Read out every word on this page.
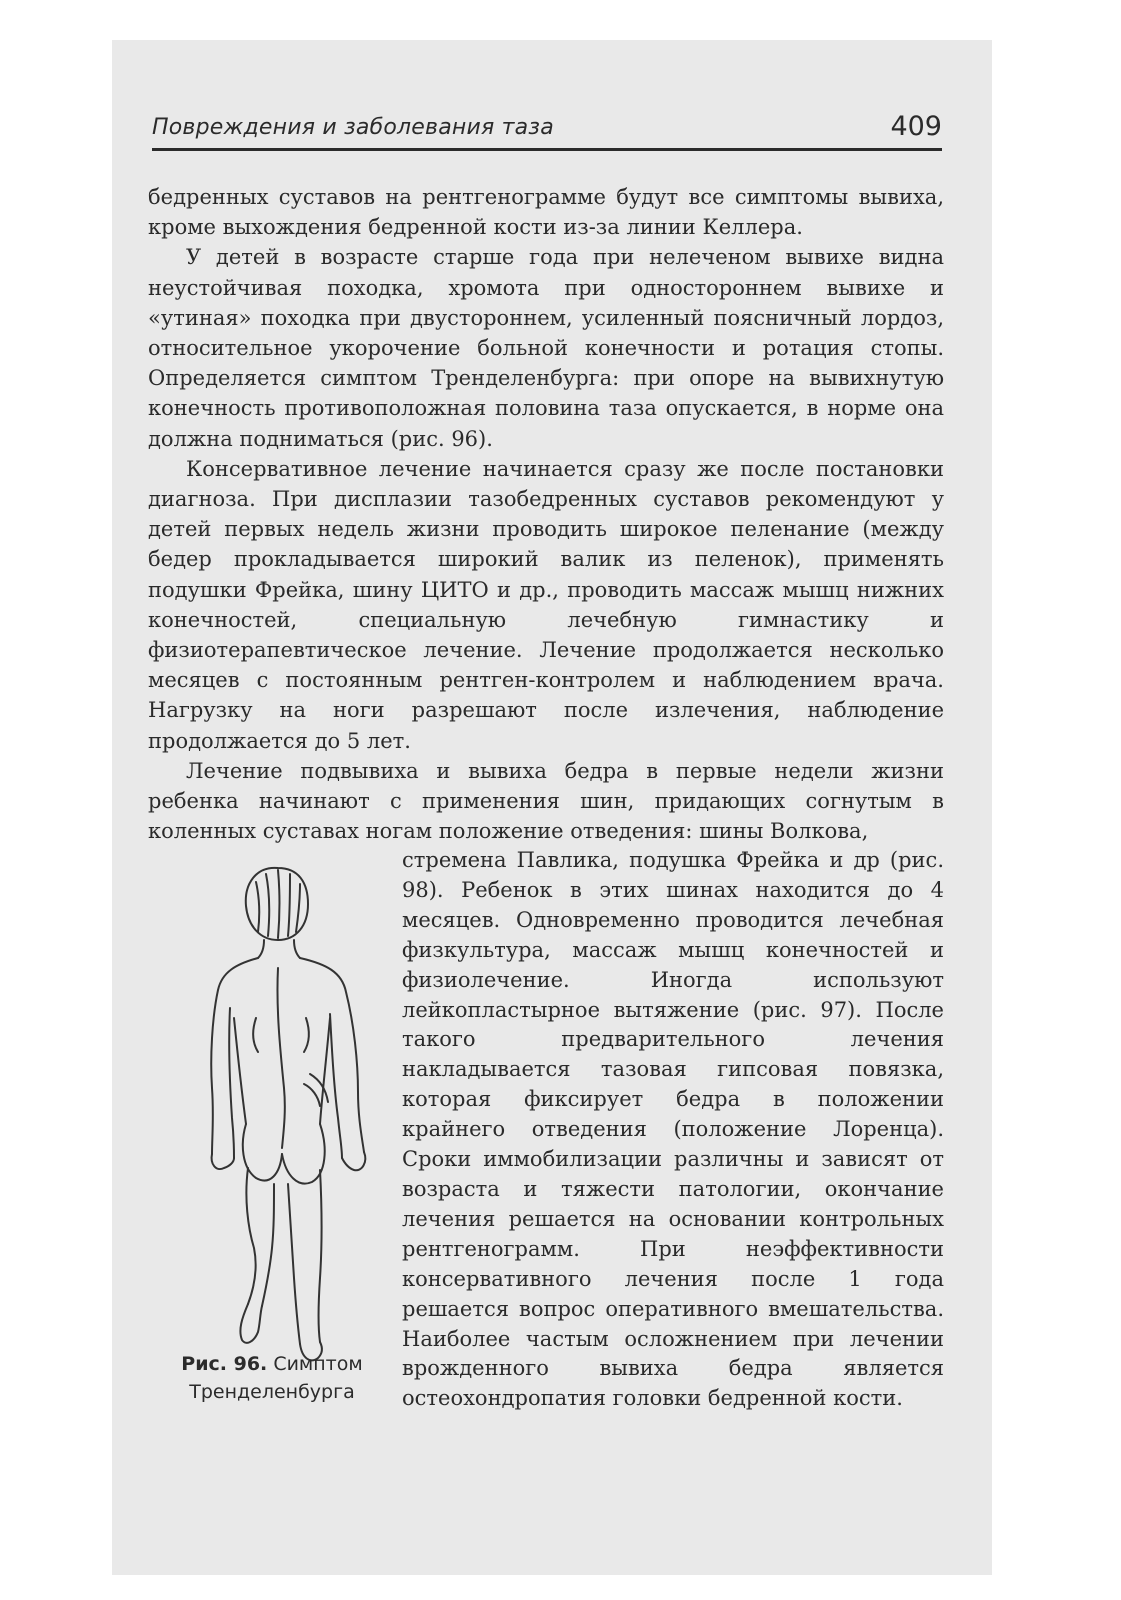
Повреждения и заболевания таза	409

бедренных суставов на рентгенограмме будут все симптомы вывиха, кроме выхождения бедренной кости из-за линии Келлера.

У детей в возрасте старше года при нелеченом вывихе видна неустойчивая походка, хромота при одностороннем вывихе и «утиная» походка при двустороннем, усиленный поясничный лордоз, относительное укорочение больной конечности и ротация стопы. Определяется симптом Тренделенбурга: при опоре на вывихнутую конечность противоположная половина таза опускается, в норме она должна подниматься (рис. 96).

Консервативное лечение начинается сразу же после постановки диагноза. При дисплазии тазобедренных суставов рекомендуют у детей первых недель жизни проводить широкое пеленание (между бедер прокладывается широкий валик из пеленок), применять подушки Фрейка, шину ЦИТО и др., проводить массаж мышц нижних конечностей, специальную лечебную гимнастику и физиотерапевтическое лечение. Лечение продолжается несколько месяцев с постоянным рентген-контролем и наблюдением врача. Нагрузку на ноги разрешают после излечения, наблюдение продолжается до 5 лет.

Лечение подвывиха и вывиха бедра в первые недели жизни ребенка начинают с применения шин, придающих согнутым в коленных суставах ногам положение отведения: шины Волкова,

Рис. 96. Симптом
Тренделенбурга

стремена Павлика, подушка Фрейка и др (рис. 98). Ребенок в этих шинах находится до 4 месяцев. Одновременно проводится лечебная физкультура, массаж мышц конечностей и физиолечение. Иногда используют лейкопластырное вытяжение (рис. 97). После такого предварительного лечения накладывается тазовая гипсовая повязка, которая фиксирует бедра в положении крайнего отведения (положение Лоренца). Сроки иммобилизации различны и зависят от возраста и тяжести патологии, окончание лечения решается на основании контрольных рентгенограмм. При неэффективности консервативного лечения после 1 года решается вопрос оперативного вмешательства. Наиболее частым осложнением при лечении врожденного вывиха бедра является остеохондропатия головки бедренной кости.
